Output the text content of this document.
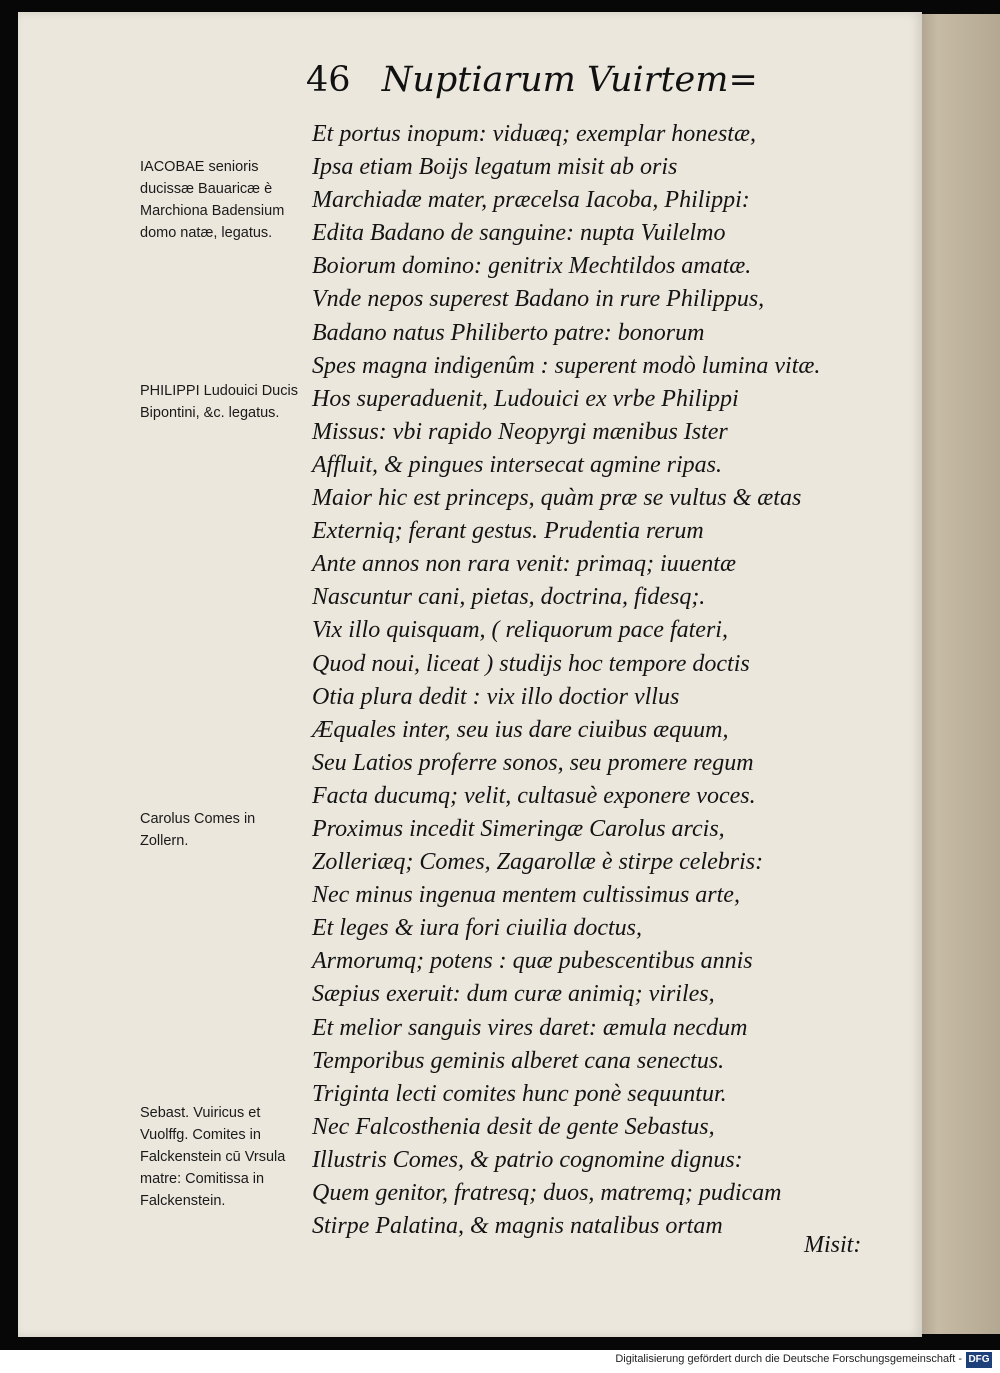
46 Nuptiarum Vuirtem=
Et portus inopum: viduæq; exemplar honestæ,
Ipsa etiam Boijs legatum misit ab oris
Marchiadæ mater, præcelsa Iacoba, Philippi:
Edita Badano de sanguine: nupta Vuilelmo
Boiorum domino: genitrix Mechtildos amatæ.
Vnde nepos superest Badano in rure Philippus,
Badano natus Philiberto patre: bonorum
Spes magna indigenûm : superent modò lumina vitæ.
Hos superaduenit, Ludouici ex vrbe Philippi
Missus: vbi rapido Neopyrgi mænibus Ister
Affluit, & pingues intersecat agmine ripas.
Maior hic est princeps, quàm præ se vultus & ætas
Externiq; ferant gestus. Prudentia rerum
Ante annos non rara venit: primaq; iuuentæ
Nascuntur cani, pietas, doctrina, fidesq;.
Vix illo quisquam, ( reliquorum pace fateri,
Quod noui, liceat ) studijs hoc tempore doctis
Otia plura dedit : vix illo doctior vllus
Æquales inter, seu ius dare ciuibus æquum,
Seu Latios proferre sonos, seu promere regum
Facta ducumq; velit, cultasuè exponere voces.
Proximus incedit Simeringæ Carolus arcis,
Zolleriæq; Comes, Zagarollæ è stirpe celebris:
Nec minus ingenua mentem cultissimus arte,
Et leges & iura fori ciuilia doctus,
Armorumq; potens : quæ pubescentibus annis
Sæpius exeruit: dum curæ animiq; viriles,
Et melior sanguis vires daret: æmula necdum
Temporibus geminis alberet cana senectus.
Triginta lecti comites hunc ponè sequuntur.
Nec Falcosthenia desit de gente Sebastus,
Illustris Comes, & patrio cognomine dignus:
Quem genitor, fratresq; duos, matremq; pudicam
Stirpe Palatina, & magnis natalibus ortam
IACOBAE senioris ducissæ Bauaricæ è Marchiona Badensium domo natæ, legatus.
PHILIPPI Ludouici Ducis Bipontini, &c. legatus.
Carolus Comes in Zollern.
Sebast. Vuiricus et Vuolffg. Comites in Falckenstein cū Vrsula matre: Comitissa in Falckenstein.
Misit:
Digitalisierung gefördert durch die Deutsche Forschungsgemeinschaft - DFG
